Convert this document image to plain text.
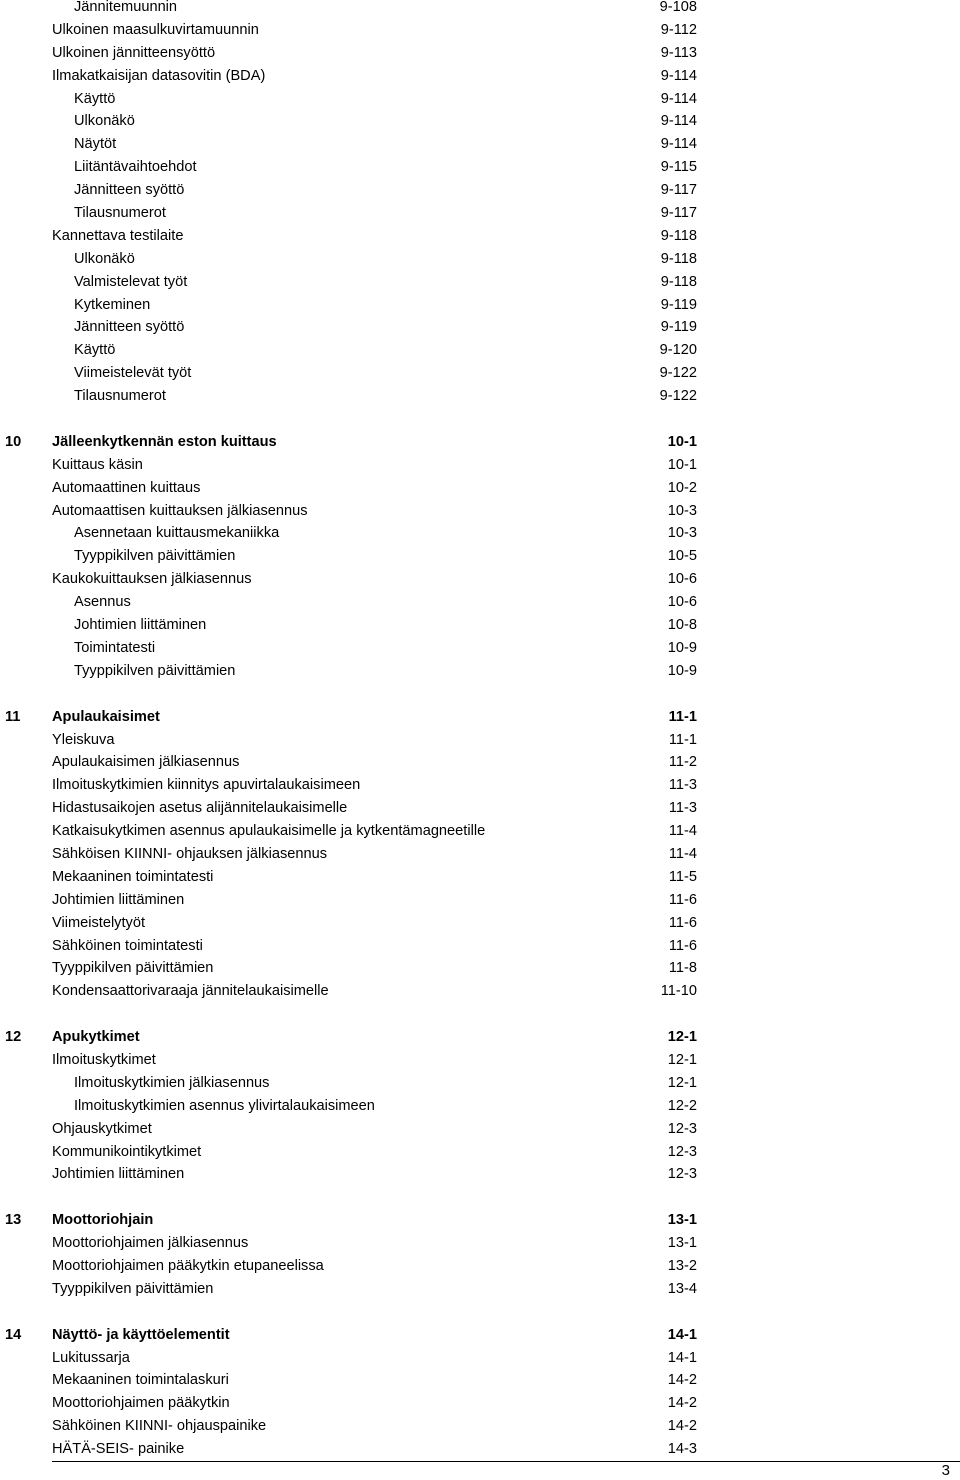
Jännitemuunnin	9-108
Ulkoinen maasulkuvirtamuunnin	9-112
Ulkoinen jännitteensyöttö	9-113
Ilmakatkaisijan datasovitin (BDA)	9-114
Käyttö	9-114
Ulkonäkö	9-114
Näytöt	9-114
Liitäntävaihtoehdot	9-115
Jännitteen syöttö	9-117
Tilausnumerot	9-117
Kannettava testilaite	9-118
Ulkonäkö	9-118
Valmistelevat työt	9-118
Kytkeminen	9-119
Jännitteen syöttö	9-119
Käyttö	9-120
Viimeistelevät työt	9-122
Tilausnumerot	9-122
10 Jälleenkytkennän eston kuittaus	10-1
Kuittaus käsin	10-1
Automaattinen kuittaus	10-2
Automaattisen kuittauksen jälkiasennus	10-3
Asennetaan kuittausmekaniikka	10-3
Tyyppikilven päivittämien	10-5
Kaukokuittauksen jälkiasennus	10-6
Asennus	10-6
Johtimien liittäminen	10-8
Toimintatesti	10-9
Tyyppikilven päivittämien	10-9
11 Apulaukaisimet	11-1
Yleiskuva	11-1
Apulaukaisimen jälkiasennus	11-2
Ilmoituskytkimien kiinnitys apuvirtalaukaisimeen	11-3
Hidastusaikojen asetus alijännitelaukaisimelle	11-3
Katkaisukytkimen asennus apulaukaisimelle ja kytkentämagneetille	11-4
Sähköisen KIINNI- ohjauksen jälkiasennus	11-4
Mekaaninen toimintatesti	11-5
Johtimien liittäminen	11-6
Viimeistelytyöt	11-6
Sähköinen toimintatesti	11-6
Tyyppikilven päivittämien	11-8
Kondensaattorivaraaja jännitelaukaisimelle	11-10
12 Apukytkimet	12-1
Ilmoituskytkimet	12-1
Ilmoituskytkimien jälkiasennus	12-1
Ilmoituskytkimien asennus ylivirtalaukaisimeen	12-2
Ohjauskytkimet	12-3
Kommunikointikytkimet	12-3
Johtimien liittäminen	12-3
13 Moottoriohjain	13-1
Moottoriohjaimen jälkiasennus	13-1
Moottoriohjaimen pääkytkin etupaneelissa	13-2
Tyyppikilven päivittämien	13-4
14 Näyttö- ja käyttöelementit	14-1
Lukitussarja	14-1
Mekaaninen toimintalaskuri	14-2
Moottoriohjaimen pääkytkin	14-2
Sähköinen KIINNI- ohjauspainike	14-2
HÄTÄ-SEIS- painike	14-3
3
